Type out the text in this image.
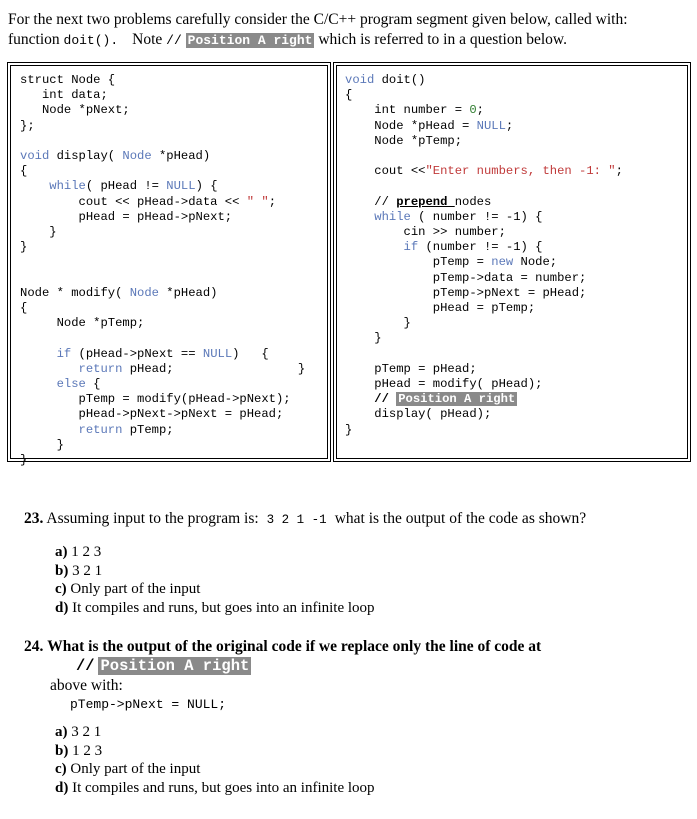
For the next two problems carefully consider the C/C++ program segment given below, called with:
function doit(). Note // Position A right which is referred to in a question below.
struct Node {
int data;
Node *pNext;
};

void display( Node *pHead)
{
while( pHead != NULL) {
cout << pHead->data << " ";
pHead = pHead->pNext;
}
}

Node * modify( Node *pHead)
{
Node *pTemp;

if (pHead->pNext == NULL)   {
return pHead;                 }
else {
pTemp = modify(pHead->pNext);
pHead->pNext->pNext = pHead;
return pTemp;
}
}
void doit()
{
int number = 0;
Node *pHead = NULL;
Node *pTemp;

cout <<"Enter numbers, then -1: ";

// prepend nodes
while ( number != -1) {
cin >> number;
if (number != -1) {
pTemp = new Node;
pTemp->data = number;
pTemp->pNext = pHead;
pHead = pTemp;
}
}

pTemp = pHead;
pHead = modify( pHead);
// Position A right
display( pHead);
}
23. Assuming input to the program is: 3 2 1 -1 what is the output of the code as shown?
a) 1 2 3
b) 3 2 1
c) Only part of the input
d) It compiles and runs, but goes into an infinite loop
24. What is the output of the original code if we replace only the line of code at
// Position A right
above with:
pTemp->pNext = NULL;
a) 3 2 1
b) 1 2 3
c) Only part of the input
d) It compiles and runs, but goes into an infinite loop
